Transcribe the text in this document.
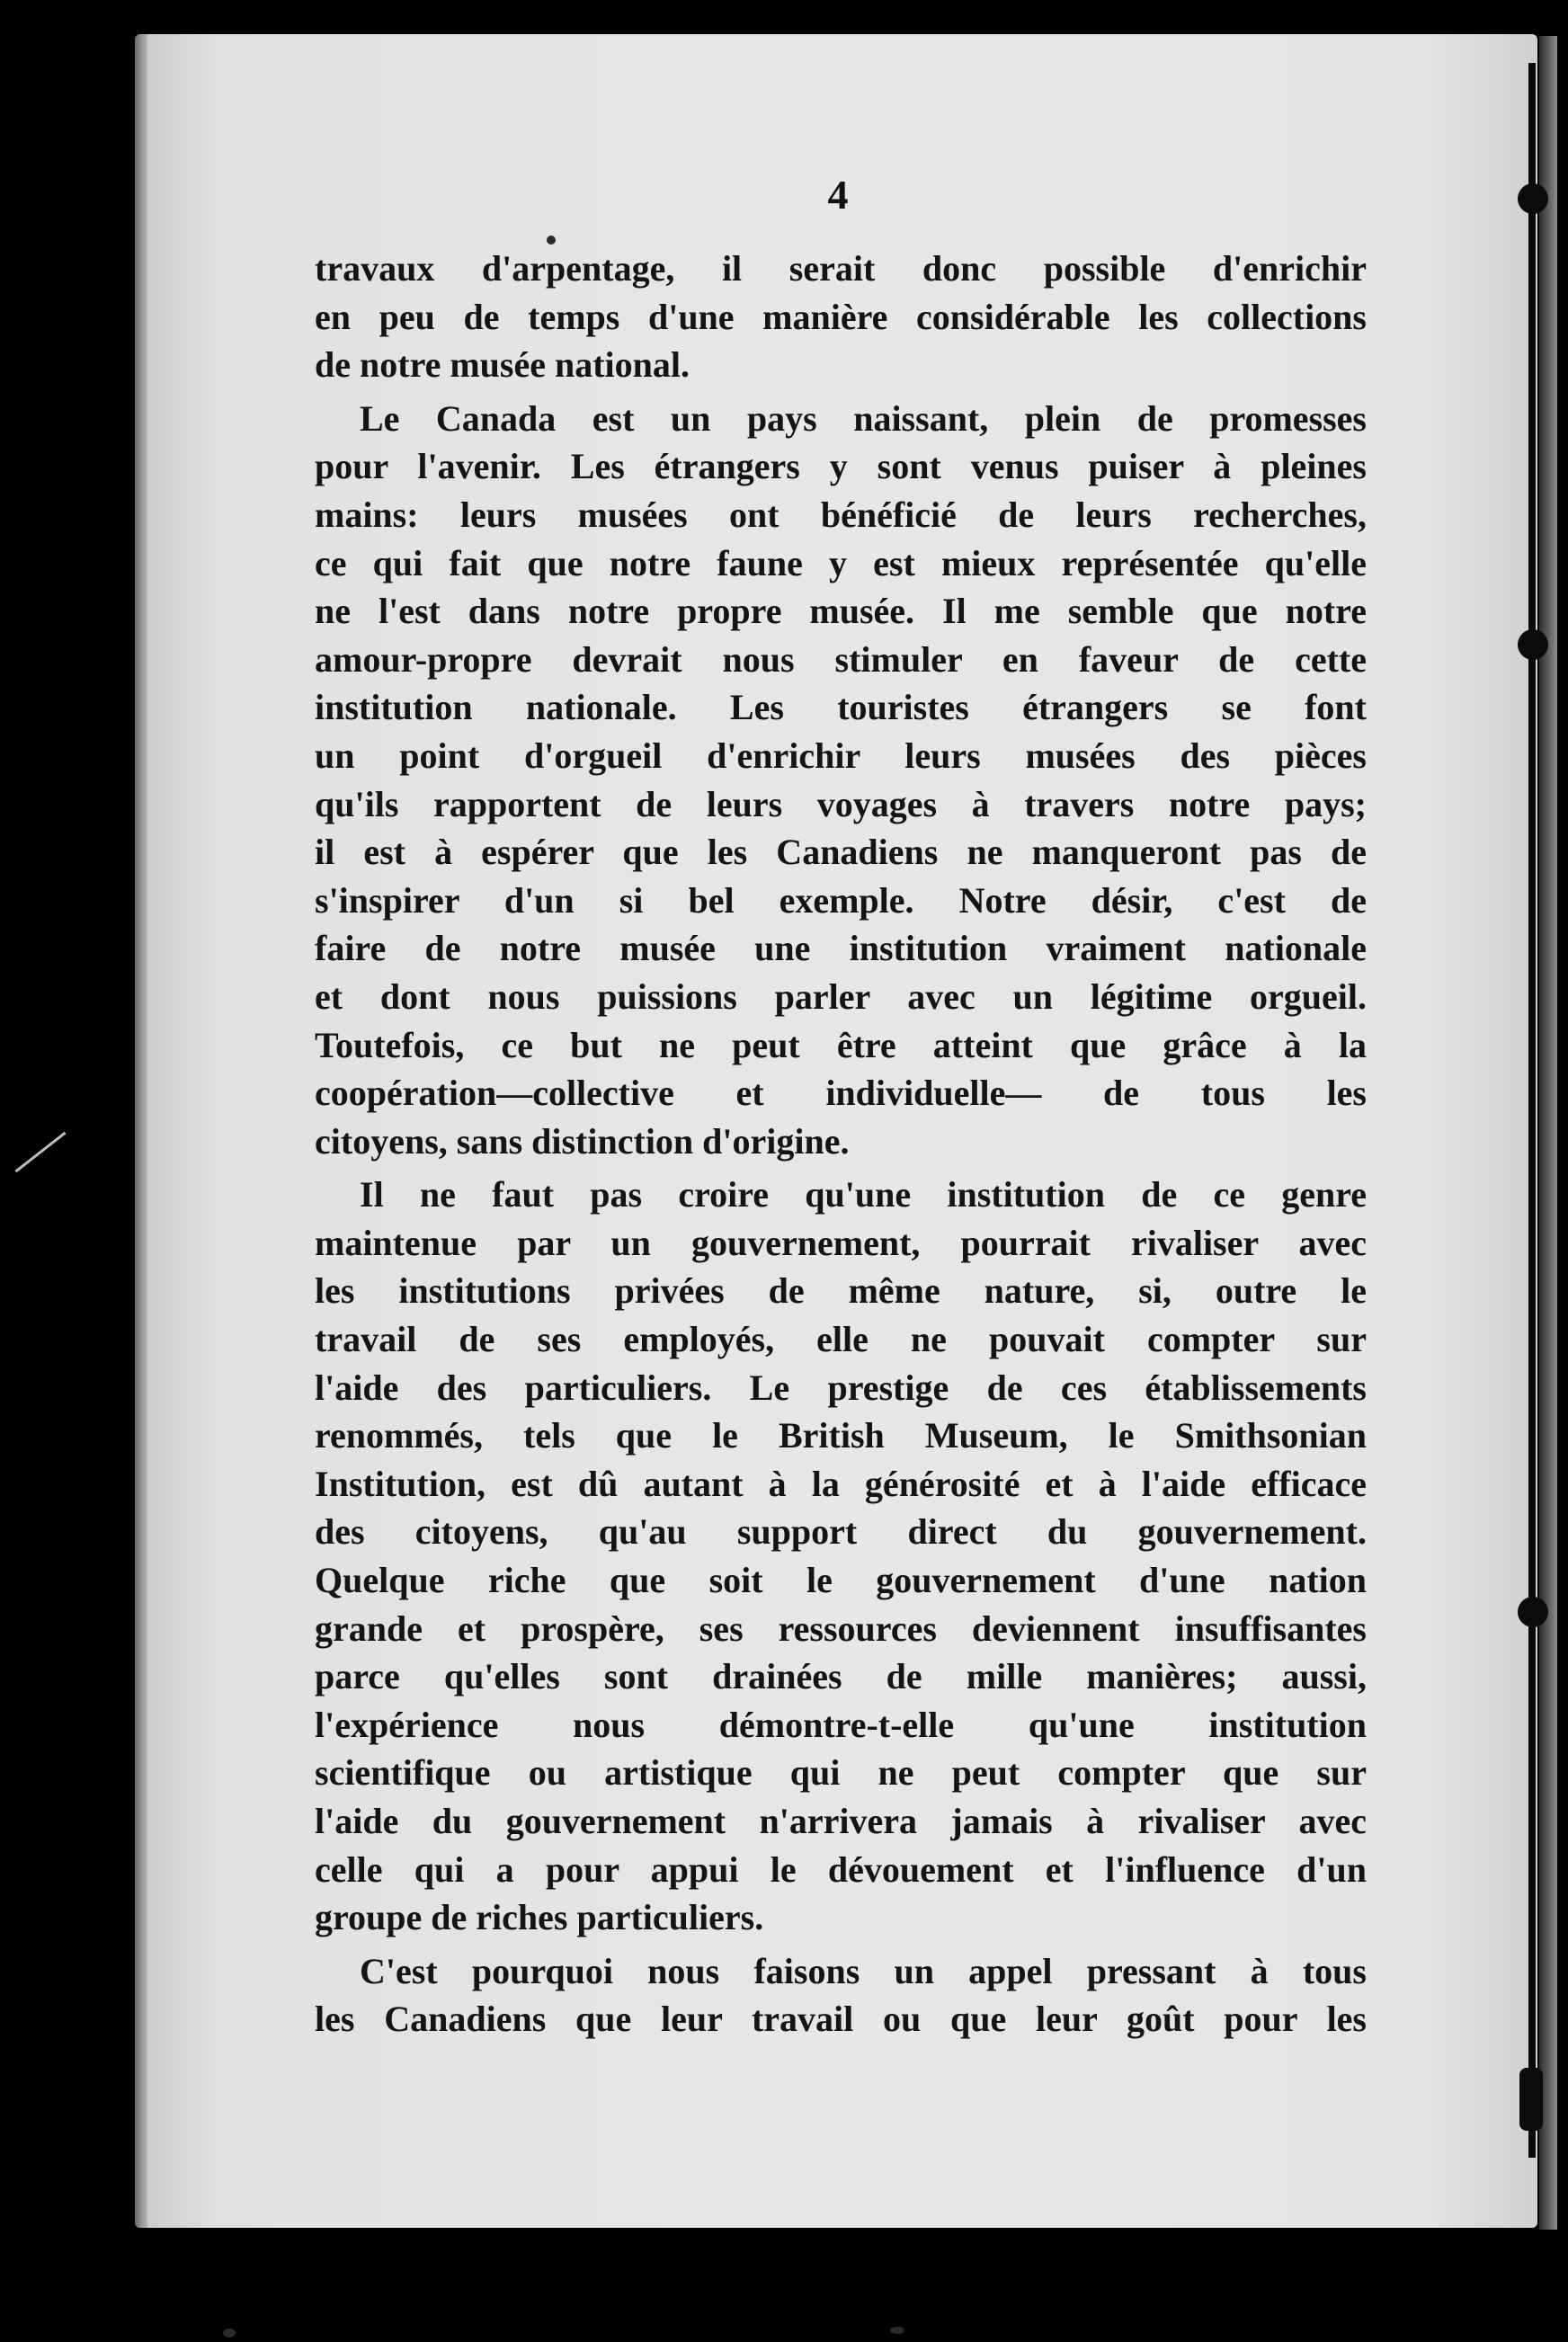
4

travaux d'arpentage, il serait donc possible d'enrichir

en peu de temps d'une manière considérable les collections

de notre musée national.

Le Canada est un pays naissant, plein de promesses

pour l'avenir. Les étrangers y sont venus puiser à pleines

mains: leurs musées ont bénéficié de leurs recherches,

ce qui fait que notre faune y est mieux représentée qu'elle

ne l'est dans notre propre musée. Il me semble que notre

amour-propre devrait nous stimuler en faveur de cette

institution nationale. Les touristes étrangers se font

un point d'orgueil d'enrichir leurs musées des pièces

qu'ils rapportent de leurs voyages à travers notre pays;

il est à espérer que les Canadiens ne manqueront pas de

s'inspirer d'un si bel exemple. Notre désir, c'est de

faire de notre musée une institution vraiment nationale

et dont nous puissions parler avec un légitime orgueil.

Toutefois, ce but ne peut être atteint que grâce à la

coopération—collective et individuelle— de tous les

citoyens, sans distinction d'origine.

Il ne faut pas croire qu'une institution de ce genre

maintenue par un gouvernement, pourrait rivaliser avec

les institutions privées de même nature, si, outre le

travail de ses employés, elle ne pouvait compter sur

l'aide des particuliers. Le prestige de ces établissements

renommés, tels que le British Museum, le Smithsonian

Institution, est dû autant à la générosité et à l'aide efficace

des citoyens, qu'au support direct du gouvernement.

Quelque riche que soit le gouvernement d'une nation

grande et prospère, ses ressources deviennent insuffisantes

parce qu'elles sont drainées de mille manières; aussi,

l'expérience nous démontre-t-elle qu'une institution

scientifique ou artistique qui ne peut compter que sur

l'aide du gouvernement n'arrivera jamais à rivaliser avec

celle qui a pour appui le dévouement et l'influence d'un

groupe de riches particuliers.

C'est pourquoi nous faisons un appel pressant à tous

les Canadiens que leur travail ou que leur goût pour les
